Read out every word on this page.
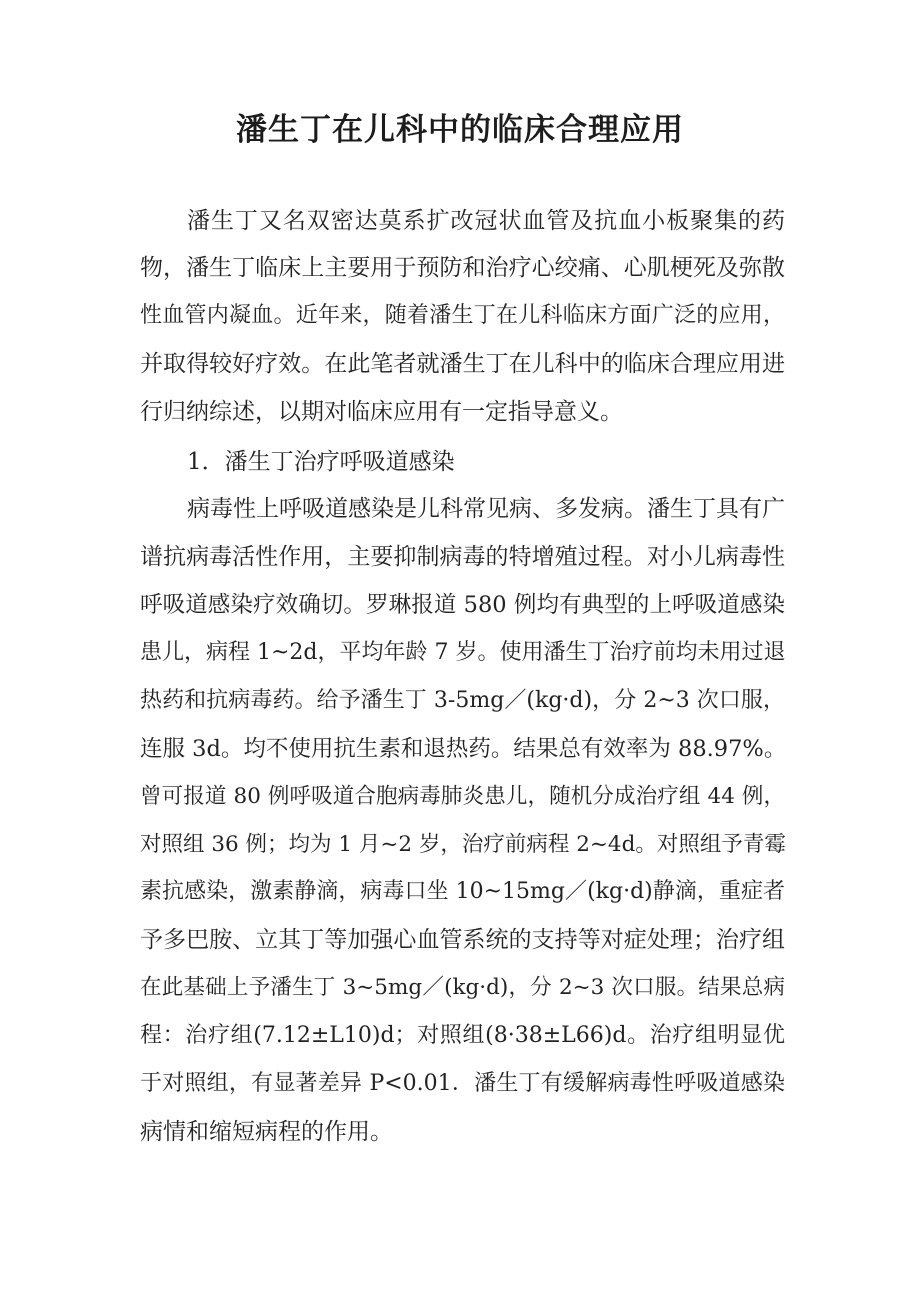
潘生丁在儿科中的临床合理应用
潘生丁又名双密达莫系扩改冠状血管及抗血小板聚集的药
物，潘生丁临床上主要用于预防和治疗心绞痛、心肌梗死及弥散
性血管内凝血。近年来，随着潘生丁在儿科临床方面广泛的应用，
并取得较好疗效。在此笔者就潘生丁在儿科中的临床合理应用进
行归纳综述，以期对临床应用有一定指导意义。
1．潘生丁治疗呼吸道感染
病毒性上呼吸道感染是儿科常见病、多发病。潘生丁具有广
谱抗病毒活性作用，主要抑制病毒的特增殖过程。对小儿病毒性
呼吸道感染疗效确切。罗琳报道 580 例均有典型的上呼吸道感染
患儿，病程 1~2d，平均年龄 7 岁。使用潘生丁治疗前均未用过退
热药和抗病毒药。给予潘生丁 3-5mg／(kg·d)，分 2~3 次口服，
连服 3d。均不使用抗生素和退热药。结果总有效率为 88.97%。
曾可报道 80 例呼吸道合胞病毒肺炎患儿，随机分成治疗组 44 例，
对照组 36 例；均为 1 月~2 岁，治疗前病程 2~4d。对照组予青霉
素抗感染，激素静滴，病毒口坐 10~15mg／(kg·d)静滴，重症者
予多巴胺、立其丁等加强心血管系统的支持等对症处理；治疗组
在此基础上予潘生丁 3~5mg／(kg·d)，分 2~3 次口服。结果总病
程：治疗组(7.12±L10)d；对照组(8·38±L66)d。治疗组明显优
于对照组，有显著差异 P<0.01．潘生丁有缓解病毒性呼吸道感染
病情和缩短病程的作用。
